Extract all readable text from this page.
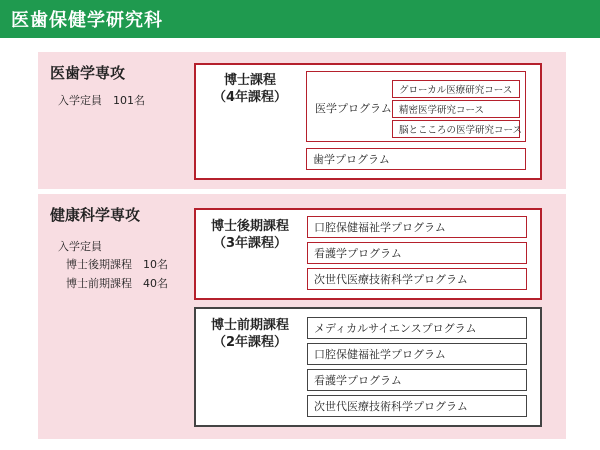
医歯保健学研究科
医歯学専攻
入学定員　101名
博士課程
（4年課程）
医学プログラム
グローカル医療研究コース
精密医学研究コース
脳とこころの医学研究コース
歯学プログラム
健康科学専攻
入学定員
博士後期課程　10名
博士前期課程　40名
博士後期課程
（3年課程）
口腔保健福祉学プログラム
看護学プログラム
次世代医療技術科学プログラム
博士前期課程
（2年課程）
メディカルサイエンスプログラム
口腔保健福祉学プログラム
看護学プログラム
次世代医療技術科学プログラム
